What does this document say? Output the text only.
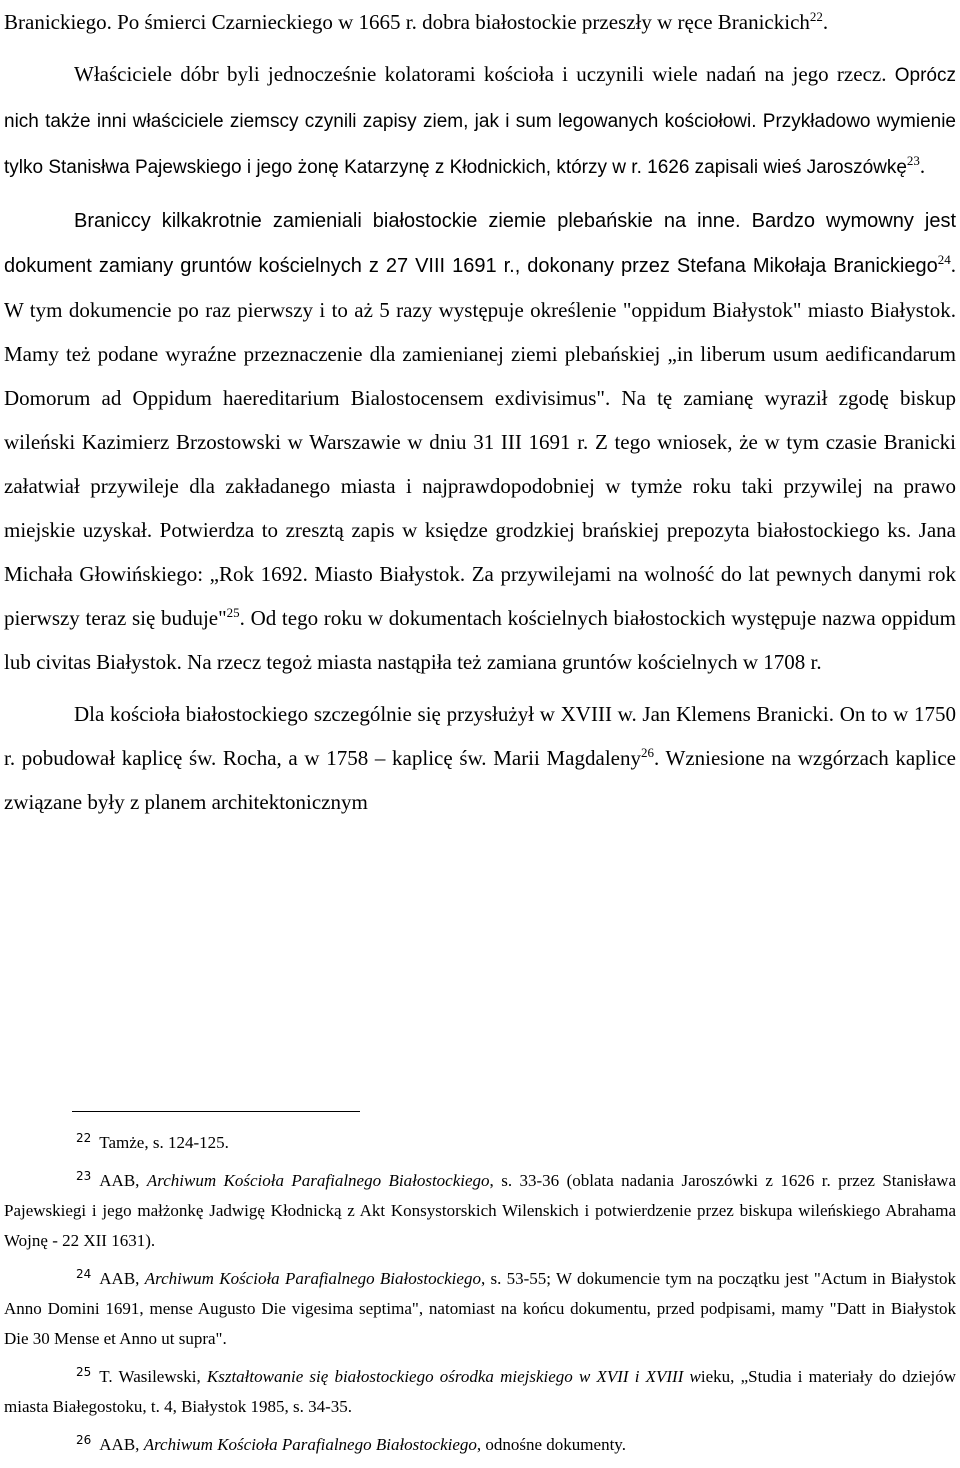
Branickiego. Po śmierci Czarnieckiego w 1665 r. dobra białostockie przeszły w ręce Branickich$^{22}$.

Właściciele dóbr byli jednocześnie kolatorami kościoła i uczynili wiele nadań na jego rzecz. Oprócz nich także inni właściciele ziemscy czynili zapisy ziem, jak i sum legowanych kościołowi. Przykładowo wymienie tylko Stanisłwa Pajewskiego i jego żonę Katarzynę z Kłodnickich, którzy w r. 1626 zapisali wieś Jaroszówkę$^{23}$.

Braniccy kilkakrotnie zamieniali białostockie ziemie plebańskie na inne. Bardzo wymowny jest dokument zamiany gruntów kościelnych z 27 VIII 1691 r., dokonany przez Stefana Mikołaja Branickiego$^{24}$. W tym dokumencie po raz pierwszy i to aż 5 razy występuje określenie "oppidum Białystok" miasto Białystok. Mamy też podane wyraźne przeznaczenie dla zamienianej ziemi plebańskiej „in liberum usum aedificandarum Domorum ad Oppidum haereditarium Bialostocensem exdivisimus". Na tę zamianę wyraził zgodę biskup wileński Kazimierz Brzostowski w Warszawie w dniu 31 III 1691 r. Z tego wniosek, że w tym czasie Branicki załatwiał przywileje dla zakładanego miasta i najprawdopodobniej w tymże roku taki przywilej na prawo miejskie uzyskał. Potwierdza to zresztą zapis w księdze grodzkiej brańskiej prepozyta białostockiego ks. Jana Michała Głowińskiego: „Rok 1692. Miasto Białystok. Za przywilejami na wolność do lat pewnych danymi rok pierwszy teraz się buduje"$^{25}$. Od tego roku w dokumentach kościelnych białostockich występuje nazwa oppidum lub civitas Białystok. Na rzecz tegoż miasta nastąpiła też zamiana gruntów kościelnych w 1708 r.

Dla kościoła białostockiego szczególnie się przysłużył w XVIII w. Jan Klemens Branicki. On to w 1750 r. pobudował kaplicę św. Rocha, a w 1758 – kaplicę św. Marii Magdaleny$^{26}$. Wzniesione na wzgórzach kaplice związane były z planem architektonicznym

22 Tamże, s. 124-125.

23 AAB, Archiwum Kościoła Parafialnego Białostockiego, s. 33-36 (oblata nadania Jaroszówki z 1626 r. przez Stanisława Pajewskiegi i jego małżonkę Jadwigę Kłodnicką z Akt Konsystorskich Wilenskich i potwierdzenie przez biskupa wileńskiego Abrahama Wojnę - 22 XII 1631).

24 AAB, Archiwum Kościoła Parafialnego Białostockiego, s. 53-55; W dokumencie tym na początku jest "Actum in Białystok Anno Domini 1691, mense Augusto Die vigesima septima", natomiast na końcu dokumentu, przed podpisami, mamy "Datt in Białystok Die 30 Mense et Anno ut supra".

25 T. Wasilewski, Kształtowanie się białostockiego ośrodka miejskiego w XVII i XVIII wieku, „Studia i materiały do dziejów miasta Białegostoku, t. 4, Białystok 1985, s. 34-35.

26 AAB, Archiwum Kościoła Parafialnego Białostockiego, odnośne dokumenty.
